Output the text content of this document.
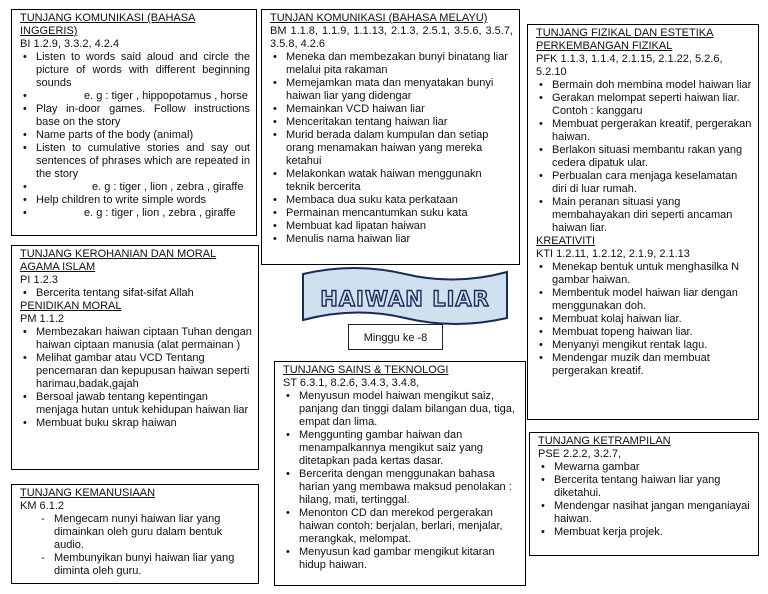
TUNJANG KOMUNIKASI (BAHASA INGGERIS)
BI 1.2.9, 3.3.2, 4.2.4
• Listen to words said aloud and circle the picture of words with different beginning sounds
• e. g : tiger , hippopotamus , horse
• Play in-door games. Follow instructions base on the story
• Name parts of the body (animal)
• Listen to cumulative stories and say out sentences of phrases which are repeated in the story
• e. g : tiger , lion , zebra , giraffe
• Help children to write simple words
• e. g : tiger , lion , zebra , giraffe
TUNJAN KOMUNIKASI (BAHASA MELAYU)
BM 1.1.8, 1.1.9, 1.1.13, 2.1.3, 2.5.1, 3.5.6, 3.5.7, 3.5.8, 4.2.6
• Meneka dan membezakan bunyi binatang liar melalui pita rakaman
• Memejamkan mata dan menyatakan bunyi haiwan liar yang didengar
• Memainkan VCD haiwan liar
• Menceritakan tentang haiwan liar
• Murid berada dalam kumpulan dan setiap orang menamakan haiwan yang mereka ketahui
• Melakonkan watak haiwan menggunakn teknik bercerita
• Membaca dua suku kata perkataan
• Permainan mencantumkan suku kata
• Membuat kad lipatan haiwan
• Menulis nama haiwan liar
TUNJANG FIZIKAL DAN ESTETIKA PERKEMBANGAN FIZIKAL
PFK 1.1.3, 1.1.4, 2.1.15, 2.1.22, 5.2.6, 5.2.10
• Bermain doh membina model haiwan liar
• Gerakan melompat seperti haiwan liar. Contoh : kanggaru
• Membuat pergerakan kreatif, pergerakan haiwan.
• Berlakon situasi membantu rakan yang cedera dipatuk ular.
• Perbualan cara menjaga keselamatan diri di luar rumah.
• Main peranan situasi yang membahayakan diri seperti ancaman haiwan liar.
KREATIVITI
KTI 1.2.11, 1.2.12, 2.1.9, 2.1.13
• Menekap bentuk untuk menghasilka N gambar haiwan.
• Membentuk model haiwan liar dengan menggunakan doh.
• Membuat kolaj haiwan liar.
• Membuat topeng haiwan liar.
• Menyanyi mengikut rentak lagu.
• Mendengar muzik dan membuat pergerakan kreatif.
TUNJANG KEROHANIAN DAN MORAL
AGAMA ISLAM
PI 1.2.3
• Bercerita tentang sifat-sifat Allah
PENIDIKAN MORAL
PM 1.1.2
• Membezakan haiwan ciptaan Tuhan dengan haiwan ciptaan manusia (alat permainan )
• Melihat gambar atau VCD Tentang pencemaran dan kepupusan haiwan seperti harimau,badak,gajah
• Bersoal jawab tentang kepentingan menjaga hutan untuk kehidupan haiwan liar
• Membuat buku skrap haiwan
HAIWAN LIAR
Minggu ke -8
TUNJANG SAINS & TEKNOLOGI
ST 6.3.1, 8.2.6, 3.4.3, 3.4.8,
• Menyusun model haiwan mengikut saiz, panjang dan tinggi dalam bilangan dua, tiga, empat dan lima.
• Menggunting gambar haiwan dan menampalkannya mengikut saiz yang ditetapkan pada kertas dasar.
• Bercerita dengan menggunakan bahasa harian yang membawa maksud penolakan : hilang, mati, tertinggal.
• Menonton CD dan merekod pergerakan haiwan contoh: berjalan, berlari, menjalar, merangkak, melompat.
• Menyusun kad gambar mengikut kitaran hidup haiwan.
TUNJANG KEMANUSIAAN
KM 6.1.2
- Mengecam nunyi haiwan liar yang dimainkan oleh guru dalam bentuk audio.
- Membunyikan bunyi haiwan liar yang diminta oleh guru.
TUNJANG KETRAMPILAN
PSE 2.2.2, 3.2.7,
• Mewarna gambar
• Bercerita tentang haiwan liar yang diketahui.
• Mendengar nasihat jangan menganiayai haiwan.
• Membuat kerja projek.
